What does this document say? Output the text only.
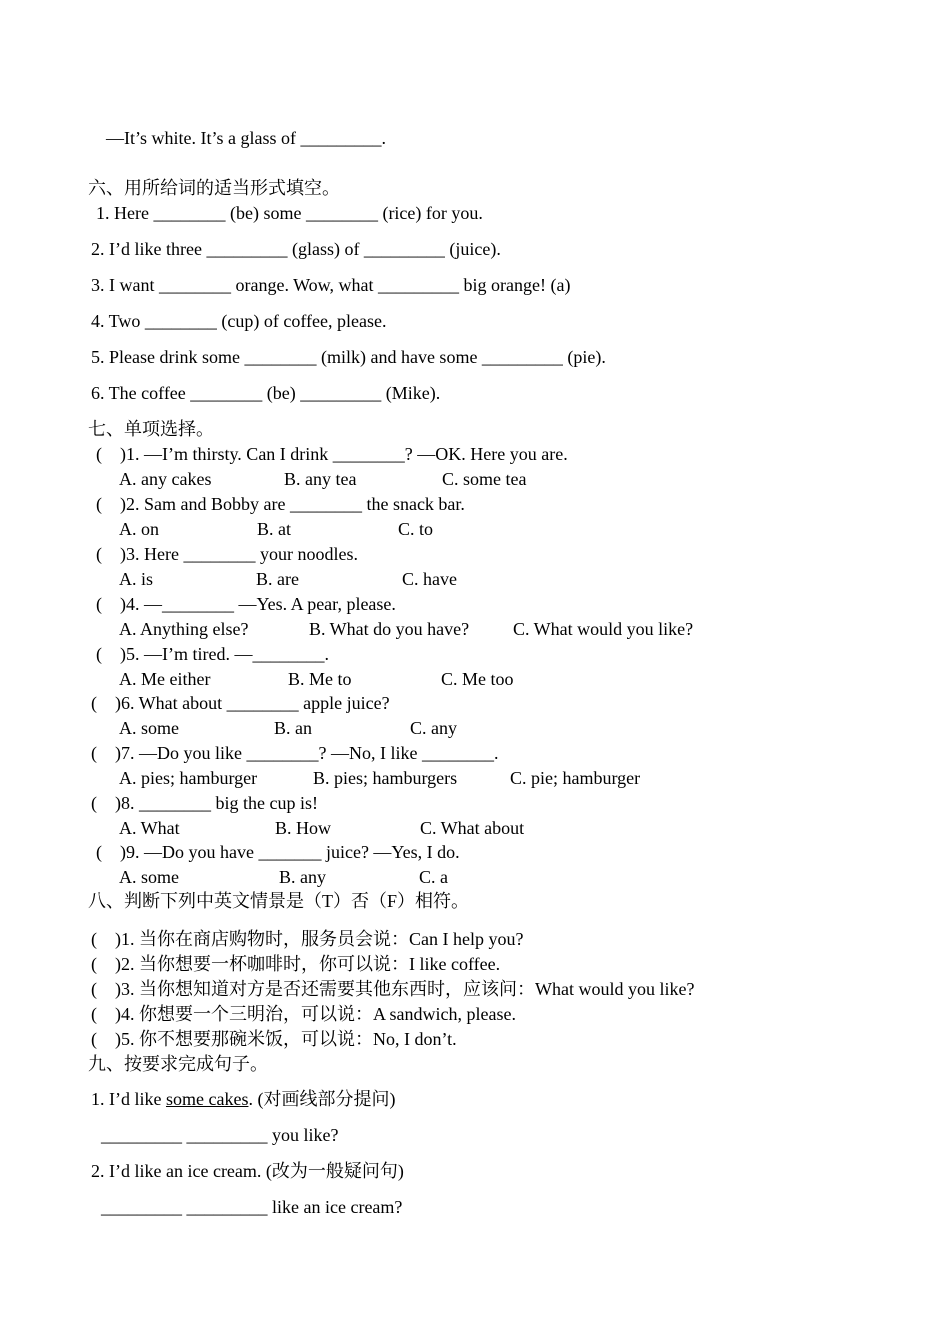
—It’s white. It’s a glass of _________.
六、用所给词的适当形式填空。
1. Here ________ (be) some ________ (rice) for you.
2. I’d like three _________ (glass) of _________ (juice).
3. I want ________ orange. Wow, what _________ big orange! (a)
4. Two ________ (cup) of coffee, please.
5. Please drink some ________ (milk) and have some _________ (pie).
6. The coffee ________ (be) _________ (Mike).
七、单项选择。
(    )1. —I’m thirsty. Can I drink ________? —OK. Here you are.
A. any cakes	B. any tea	C. some tea
(    )2. Sam and Bobby are ________ the snack bar.
A. on	B. at	C. to
(    )3. Here ________ your noodles.
A. is	B. are	C. have
(    )4. —________ —Yes. A pear, please.
A. Anything else?	B. What do you have? C. What would you like?
(    )5. —I’m tired. —________.
A. Me either	B. Me to	C. Me too
(    )6. What about ________ apple juice?
A. some	B. an	C. any
(    )7. —Do you like ________? —No, I like ________.
A. pies; hamburger	B. pies; hamburgers	C. pie; hamburger
(    )8. ________ big the cup is!
A. What	B. How	C. What about
(    )9. —Do you have _______ juice? —Yes, I do.
A. some	B. any	C. a
八、判断下列中英文情景是（T）否（F）相符。
(    )1. 当你在商店购物时，服务员会说：Can I help you?
(    )2. 当你想要一杯咖啡时，你可以说：I like coffee.
(    )3. 当你想知道对方是否还需要其他东西时，应该问：What would you like?
(    )4. 你想要一个三明治，可以说：A sandwich, please.
(    )5. 你不想要那碗米饭，可以说：No, I don’t.
九、按要求完成句子。
1. I’d like some cakes. (对画线部分提问)
_________ _________ you like?
2. I’d like an ice cream. (改为一般疑问句)
_________ _________ like an ice cream?
